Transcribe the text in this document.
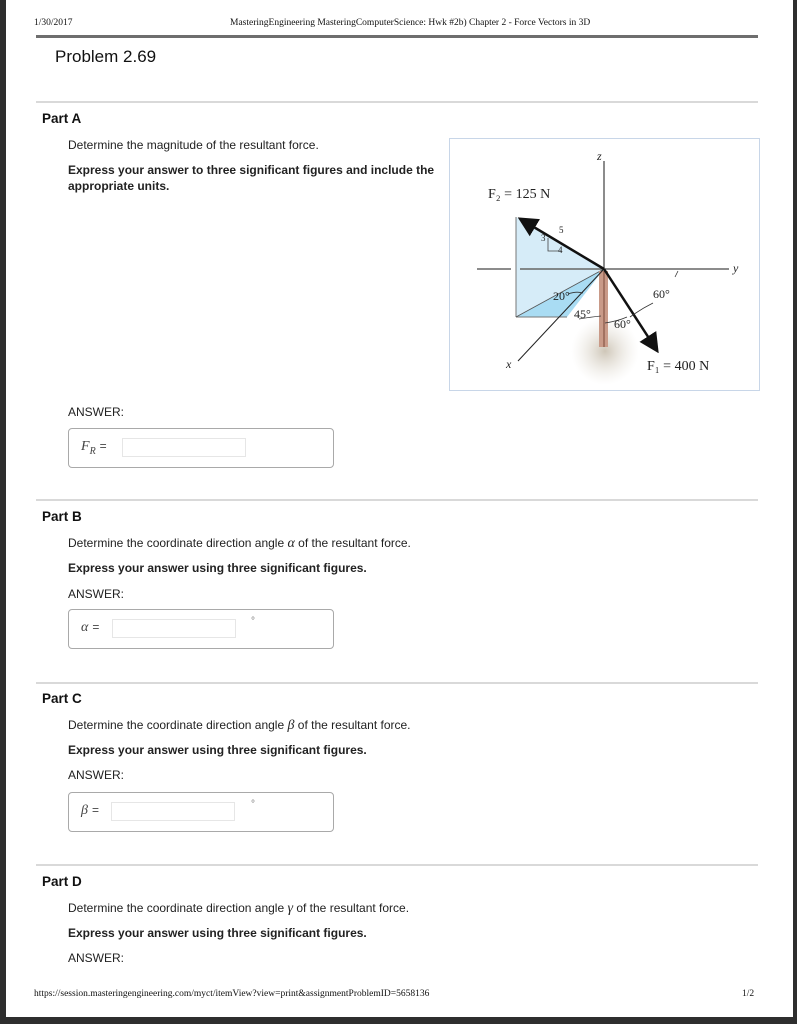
1/30/2017	MasteringEngineering MasteringComputerScience: Hwk #2b) Chapter 2 - Force Vectors in 3D
Problem 2.69
Part A
Determine the magnitude of the resultant force.
Express your answer to three significant figures and include the appropriate units.
z
y
x
F₂ = 125 N
F₁ = 400 N
3
4
5
20°
45°
60°
60°
ANSWER:
$F_R$ =
Part B
Determine the coordinate direction angle α of the resultant force.
Express your answer using three significant figures.
ANSWER:
α =	°
Part C
Determine the coordinate direction angle β of the resultant force.
Express your answer using three significant figures.
ANSWER:
β =	°
Part D
Determine the coordinate direction angle γ of the resultant force.
Express your answer using three significant figures.
ANSWER:
https://session.masteringengineering.com/myct/itemView?view=print&assignmentProblemID=5658136	1/2
